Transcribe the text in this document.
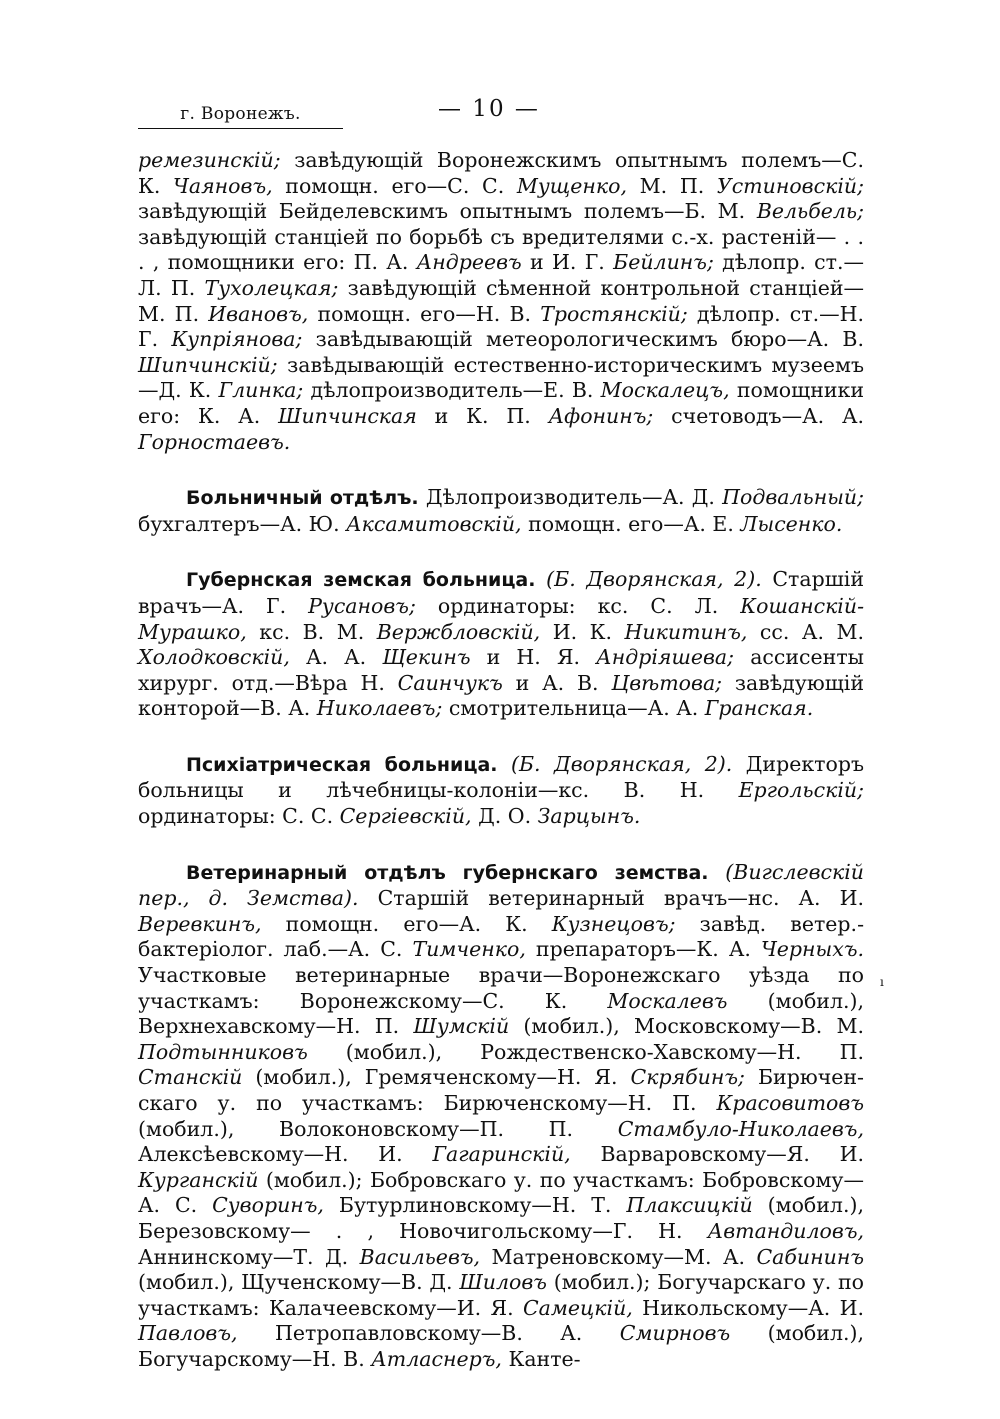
г. Воронежъ.	— 10 —

ремезинскій; завѣдующій Воронежскимъ опытнымъ полемъ—С. К. Чаяновъ, помощн. его—С. С. Мущенко, М. П. Устиновскій; завѣдующій Бейделевскимъ опытнымъ полемъ—Б. М. Вельбель; завѣдующій станціей по борьбѣ съ вредителями с.-х. растеній— . . . , помощники его: П. А. Андреевъ и И. Г. Бейлинъ; дѣлопр. ст.—Л. П. Тухолецкая; завѣдующій сѣменной контрольной станціей—М. П. Ивановъ, помощн. его—Н. В. Тростянскій; дѣлопр. ст.—Н. Г. Купріянова; завѣдывающій метеорологическимъ бюро—А. В. Шипчинскій; завѣдывающій естественно-историческимъ музеемъ—Д. К. Глинка; дѣлопроизводитель—Е. В. Москалецъ, помощники его: К. А. Шипчинская и К. П. Афонинъ; счетоводъ—А. А. Горностаевъ.

Больничный отдѣлъ. Дѣлопроизводитель—А. Д. Подвальный; бухгалтеръ—А. Ю. Аксамитовскій, помощн. его—А. Е. Лысенко.

Губернская земская больница. (Б. Дворянская, 2). Старшій врачъ—А. Г. Русановъ; ординаторы: кс. С. Л. Кошанскій-Мурашко, кс. В. М. Вержбловскій, И. К. Никитинъ, сс. А. М. Холодковскій, А. А. Щекинъ и Н. Я. Андріяшева; ассисенты хирург. отд.—Вѣра Н. Саинчукъ и А. В. Цвѣтова; завѣдующій конторой—В. А. Николаевъ; смотрительница—А. А. Гранская.

Психіатрическая больница. (Б. Дворянская, 2). Директоръ больницы и лѣчебницы-колоніи—кс. В. Н. Ергольскій; ординаторы: С. С. Сергіевскій, Д. О. Зарцынъ.

Ветеринарный отдѣлъ губернскаго земства. (Вигслевскій пер., д. Земства). Старшій ветеринарный врачъ—нс. А. И. Веревкинъ, помощн. его—А. К. Кузнецовъ; завѣд. ветер.-бактеріолог. лаб.—А. С. Тимченко, препараторъ—К. А. Черныхъ. Участковые ветеринарные врачи—Воронежскаго уѣзда по участкамъ: Воронежскому—С. К. Москалевъ (мобил.), Верхнехавскому—Н. П. Шумскій (мобил.), Московскому—В. М. Подтынниковъ (мобил.), Рождественско-Хавскому—Н. П. Станскій (мобил.), Гремяченскому—Н. Я. Скрябинъ; Бирюченскаго у. по участкамъ: Бирюченскому—Н. П. Красовитовъ (мобил.), Волоконовскому—П. П. Стамбуло-Николаевъ, Алексѣевскому—Н. И. Гагаринскій, Варваровскому—Я. И. Курганскій (мобил.); Бобровскаго у. по участкамъ: Бобровскому—А. С. Суворинъ, Бутурлиновскому—Н. Т. Плаксицкій (мобил.), Березовскому— . , Новочигольскому—Г. Н. Автандиловъ, Аннинскому—Т. Д. Васильевъ, Матреновскому—М. А. Сабининъ (мобил.), Щученскому—В. Д. Шиловъ (мобил.); Богучарскаго у. по участкамъ: Калачеевскому—И. Я. Самецкій, Никольскому—А. И. Павловъ, Петропавловскому—В. А. Смирновъ (мобил.), Богучарскому—Н. В. Атласнеръ, Канте-

ı
